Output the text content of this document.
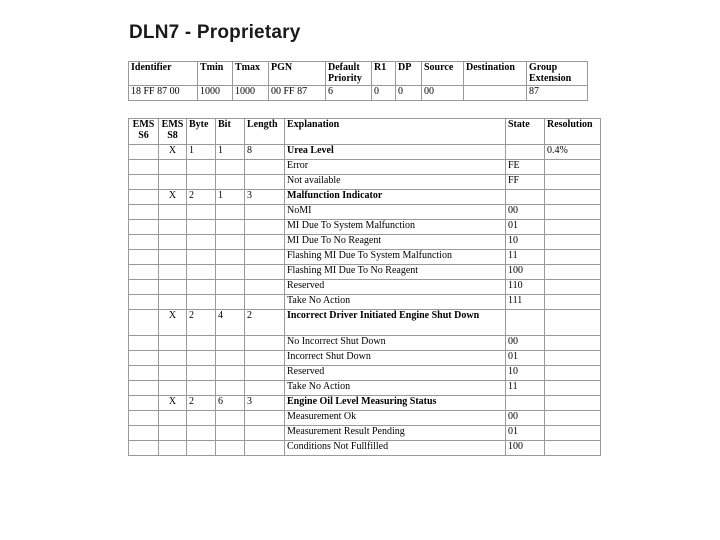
DLN7 - Proprietary
Identifier	Tmin	Tmax	PGN	Default Priority	R1	DP	Source	Destination	Group Extension
18 FF 87 00	1000	1000	00 FF 87	6	0	0	00		87
EMS S6	EMS S8	Byte	Bit	Length	Explanation	State	Resolution
	X	1	1	8	Urea Level		0.4%
					Error	FE	
					Not available	FF	
	X	2	1	3	Malfunction Indicator		
					NoMI	00	
					MI Due To System Malfunction	01	
					MI Due To No Reagent	10	
					Flashing MI Due To System Malfunction	11	
					Flashing MI Due To No Reagent	100	
					Reserved	110	
					Take No Action	111	
	X	2	4	2	Incorrect Driver Initiated Engine Shut Down		
					No Incorrect Shut Down	00	
					Incorrect Shut Down	01	
					Reserved	10	
					Take No Action	11	
	X	2	6	3	Engine Oil Level Measuring Status		
					Measurement Ok	00	
					Measurement Result Pending	01	
					Conditions Not Fullfilled	100	
